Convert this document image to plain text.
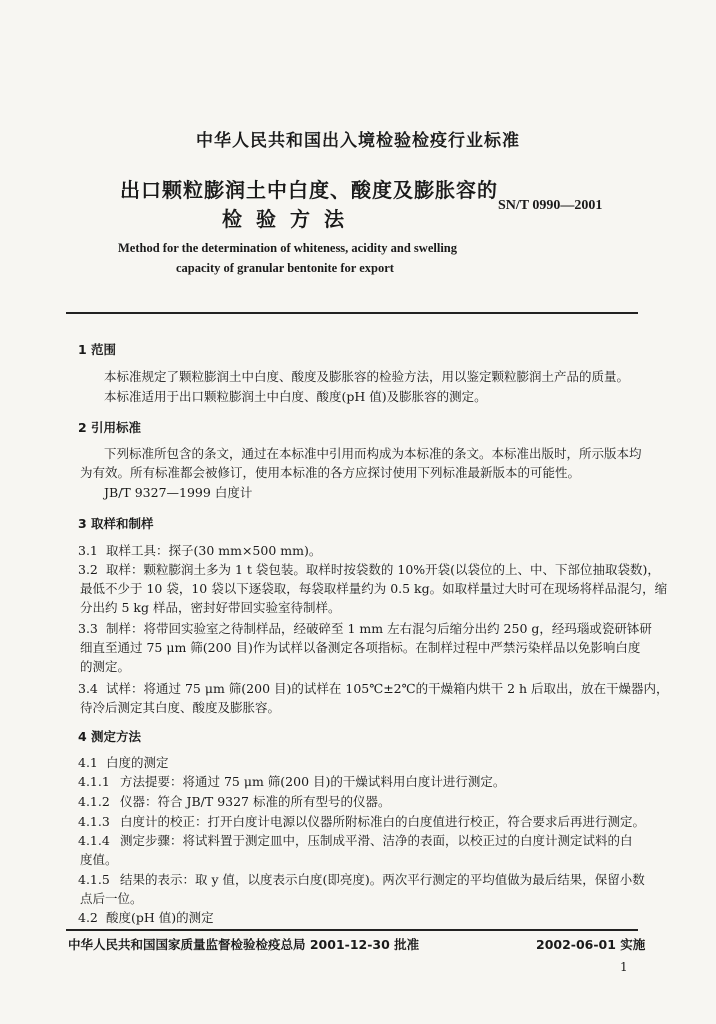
中华人民共和国出入境检验检疫行业标准
出口颗粒膨润土中白度、酸度及膨胀容的
检验方法
SN/T 0990—2001
Method for the determination of whiteness, acidity and swelling
capacity of granular bentonite for export
1 范围
本标准规定了颗粒膨润土中白度、酸度及膨胀容的检验方法，用以鉴定颗粒膨润土产品的质量。
本标准适用于出口颗粒膨润土中白度、酸度(pH 值)及膨胀容的测定。
2 引用标准
下列标准所包含的条文，通过在本标准中引用而构成为本标准的条文。本标准出版时，所示版本均
为有效。所有标准都会被修订，使用本标准的各方应探讨使用下列标准最新版本的可能性。
JB/T 9327—1999 白度计
3 取样和制样
3.1 取样工具：探子(30 mm×500 mm)。
3.2 取样：颗粒膨润土多为 1 t 袋包装。取样时按袋数的 10%开袋(以袋位的上、中、下部位抽取袋数)，
最低不少于 10 袋，10 袋以下逐袋取，每袋取样量约为 0.5 kg。如取样量过大时可在现场将样品混匀，缩
分出约 5 kg 样品，密封好带回实验室待制样。
3.3 制样：将带回实验室之待制样品，经破碎至 1 mm 左右混匀后缩分出约 250 g，经玛瑙或瓷研钵研
细直至通过 75 μm 筛(200 目)作为试样以备测定各项指标。在制样过程中严禁污染样品以免影响白度
的测定。
3.4 试样：将通过 75 μm 筛(200 目)的试样在 105℃±2℃的干燥箱内烘干 2 h 后取出，放在干燥器内，
待冷后测定其白度、酸度及膨胀容。
4 测定方法
4.1 白度的测定
4.1.1 方法提要：将通过 75 μm 筛(200 目)的干燥试料用白度计进行测定。
4.1.2 仪器：符合 JB/T 9327 标准的所有型号的仪器。
4.1.3 白度计的校正：打开白度计电源以仪器所附标准白的白度值进行校正，符合要求后再进行测定。
4.1.4 测定步骤：将试料置于测定皿中，压制成平滑、洁净的表面，以校正过的白度计测定试料的白
度值。
4.1.5 结果的表示：取 y 值，以度表示白度(即亮度)。两次平行测定的平均值做为最后结果，保留小数
点后一位。
4.2 酸度(pH 值)的测定
中华人民共和国国家质量监督检验检疫总局 2001-12-30 批准	2002-06-01 实施
1
